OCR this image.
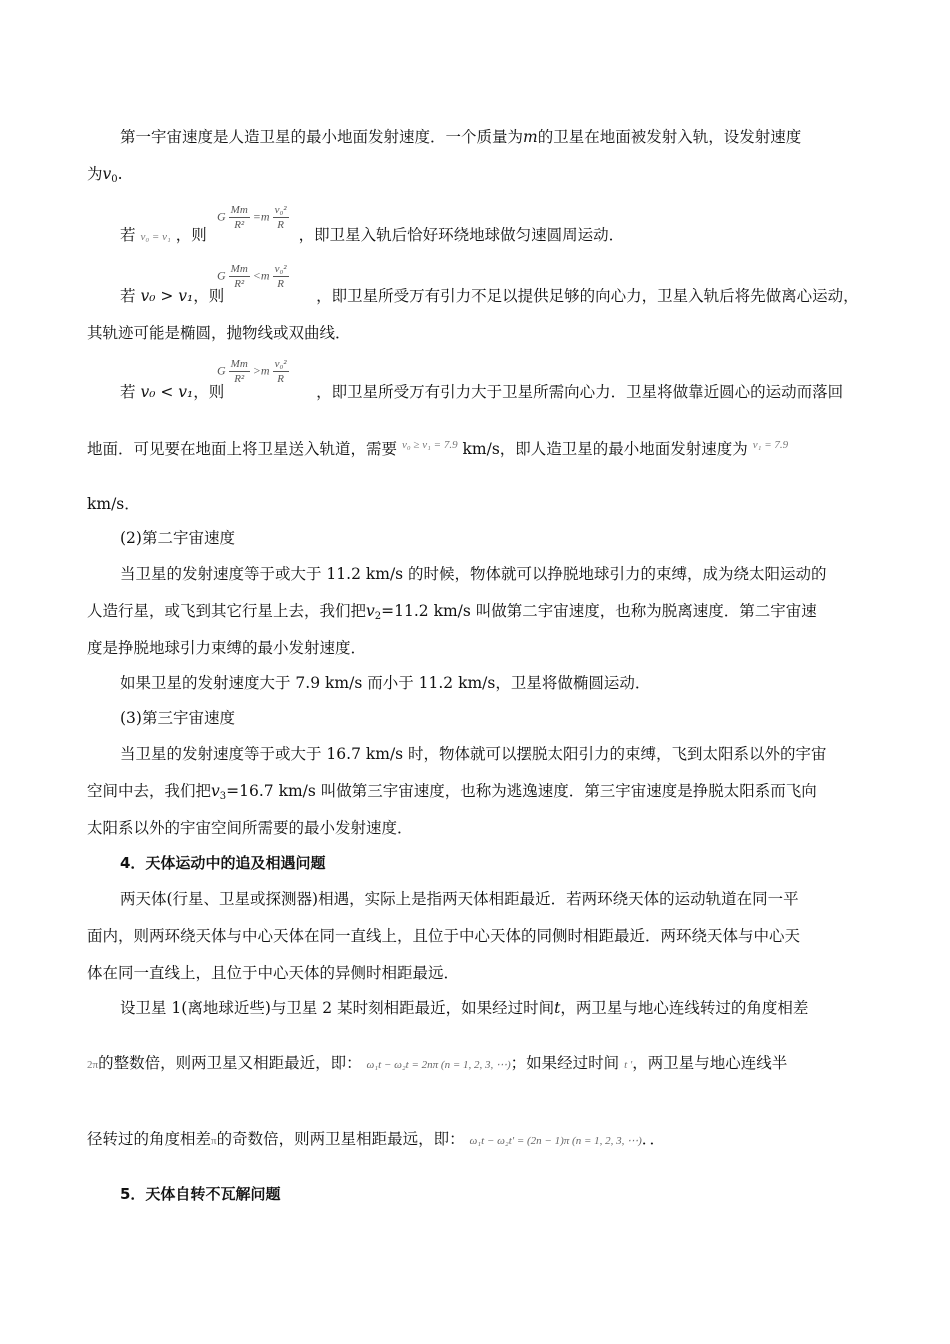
第一宇宙速度是人造卫星的最小地面发射速度．一个质量为m的卫星在地面被发射入轨，设发射速度
为$v_0$.
若 v₀ = v₁ ，则	，即卫星入轨后恰好环绕地球做匀速圆周运动．
G $\frac{Mm}{\text{R²}} =m \frac{\text{v₀²}}{R}$
若 v₀ > v₁，则	，即卫星所受万有引力不足以提供足够的向心力，卫星入轨后将先做离心运动，
G $\frac{Mm}{\text{R²}} <m \frac{\text{v₀²}}{R}$
其轨迹可能是椭圆，抛物线或双曲线．
若 v₀ < v₁，则	，即卫星所受万有引力大于卫星所需向心力．卫星将做靠近圆心的运动而落回
G $\frac{Mm}{\text{R²}} >m \frac{\text{v₀²}}{R}$
地面．可见要在地面上将卫星送入轨道，需要 $^{v_0 \ge v_1 = 7.9}$ km/s，即人造卫星的最小地面发射速度为 $^{v_1 = 7.9}$
km/s．
(2)第二宇宙速度
当卫星的发射速度等于或大于 11.2 km/s 的时候，物体就可以挣脱地球引力的束缚，成为绕太阳运动的
人造行星，或飞到其它行星上去，我们把$v_2=11.2$ km/s 叫做第二宇宙速度，也称为脱离速度．第二宇宙速
度是挣脱地球引力束缚的最小发射速度．
如果卫星的发射速度大于 7.9 km/s 而小于 11.2 km/s，卫星将做椭圆运动．
(3)第三宇宙速度
当卫星的发射速度等于或大于 16.7 km/s 时，物体就可以摆脱太阳引力的束缚，飞到太阳系以外的宇宙
空间中去，我们把$v_3=16.7$ km/s 叫做第三宇宙速度，也称为逃逸速度．第三宇宙速度是挣脱太阳系而飞向
太阳系以外的宇宙空间所需要的最小发射速度．
4．天体运动中的追及相遇问题
两天体(行星、卫星或探测器)相遇，实际上是指两天体相距最近．若两环绕天体的运动轨道在同一平
面内，则两环绕天体与中心天体在同一直线上，且位于中心天体的同侧时相距最近．两环绕天体与中心天
体在同一直线上，且位于中心天体的异侧时相距最远．
设卫星 1(离地球近些)与卫星 2 某时刻相距最近，如果经过时间t，两卫星与地心连线转过的角度相差
2π的整数倍，则两卫星又相距最近，即： ω₁t − ω₂t = 2nπ (n = 1, 2, 3, ⋯)；如果经过时间 t '，两卫星与地心连线半
径转过的角度相差π的奇数倍，则两卫星相距最远，即： ω₁t − ω₂t' = (2n − 1)π (n = 1, 2, 3, ⋯)．．
5．天体自转不瓦解问题
